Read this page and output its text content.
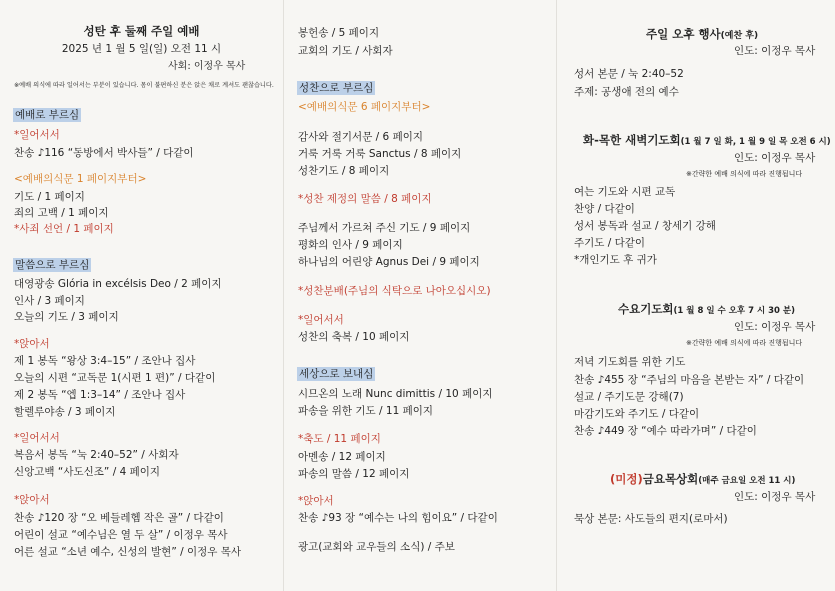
성탄 후 둘째 주일 예배
2025 년 1 월 5 일(일) 오전 11 시
사회: 이정우 목사
※예배 의식에 따라 일어서는 부분이 있습니다. 몸이 불편하신 분은 앉은 채로 계셔도 괜찮습니다.
예배로 부르심
*일어서서
찬송 ♪116 “동방에서 박사들” / 다같이
<예배의식문 1 페이지부터>
기도 / 1 페이지
죄의 고백 / 1 페이지
*사죄 선언 / 1 페이지
말씀으로 부르심
대영광송 Glória in excélsis Deo / 2 페이지
인사 / 3 페이지
오늘의 기도 / 3 페이지
*앉아서
제 1 봉독 “왕상 3:4–15” / 조안나 집사
오늘의 시편 “교독문 1(시편 1 편)” / 다같이
제 2 봉독 “엡 1:3–14” / 조안나 집사
할렐루야송 / 3 페이지
*일어서서
복음서 봉독 “눅 2:40–52” / 사회자
신앙고백 “사도신조” / 4 페이지
*앉아서
찬송 ♪120 장 “오 베들레헴 작은 골” / 다같이
어린이 설교 “예수님은 열 두 살” / 이정우 목사
어른 설교 “소년 예수, 신성의 발현” / 이정우 목사
봉헌송 / 5 페이지
교회의 기도 / 사회자
성찬으로 부르심
<예배의식문 6 페이지부터>
감사와 절기서문 / 6 페이지
거룩 거룩 거룩 Sanctus / 8 페이지
성찬기도 / 8 페이지
*성찬 제정의 말씀 / 8 페이지
주님께서 가르쳐 주신 기도 / 9 페이지
평화의 인사 / 9 페이지
하나님의 어린양 Agnus Dei / 9 페이지
*성찬분배(주님의 식탁으로 나아오십시오)
*일어서서
성찬의 축복 / 10 페이지
세상으로 보내심
시므온의 노래 Nunc dimittis / 10 페이지
파송을 위한 기도 / 11 페이지
*축도 / 11 페이지
아멘송 / 12 페이지
파송의 말씀 / 12 페이지
*앉아서
찬송 ♪93 장 “예수는 나의 힘이요” / 다같이
광고(교회와 교우들의 소식) / 주보
주일 오후 행사(예찬 후)
인도: 이정우 목사
성서 본문 / 눅 2:40–52
주제: 공생애 전의 예수
화-목한 새벽기도회(1 월 7 일 화, 1 월 9 일 목 오전 6 시)
인도: 이정우 목사
※간략한 예배 의식에 따라 진행됩니다
여는 기도와 시편 교독
찬양 / 다같이
성서 봉독과 설교 / 창세기 강해
주기도 / 다같이
*개인기도 후 귀가
수요기도회(1 월 8 일 수 오후 7 시 30 분)
인도: 이정우 목사
※간략한 예배 의식에 따라 진행됩니다
저녁 기도회를 위한 기도
찬송 ♪455 장 “주님의 마음을 본받는 자” / 다같이
설교 / 주기도문 강해(7)
마감기도와 주기도 / 다같이
찬송 ♪449 장 “예수 따라가며” / 다같이
(미정)금요목상회(매주 금요일 오전 11 시)
인도: 이정우 목사
묵상 본문: 사도들의 편지(로마서)
